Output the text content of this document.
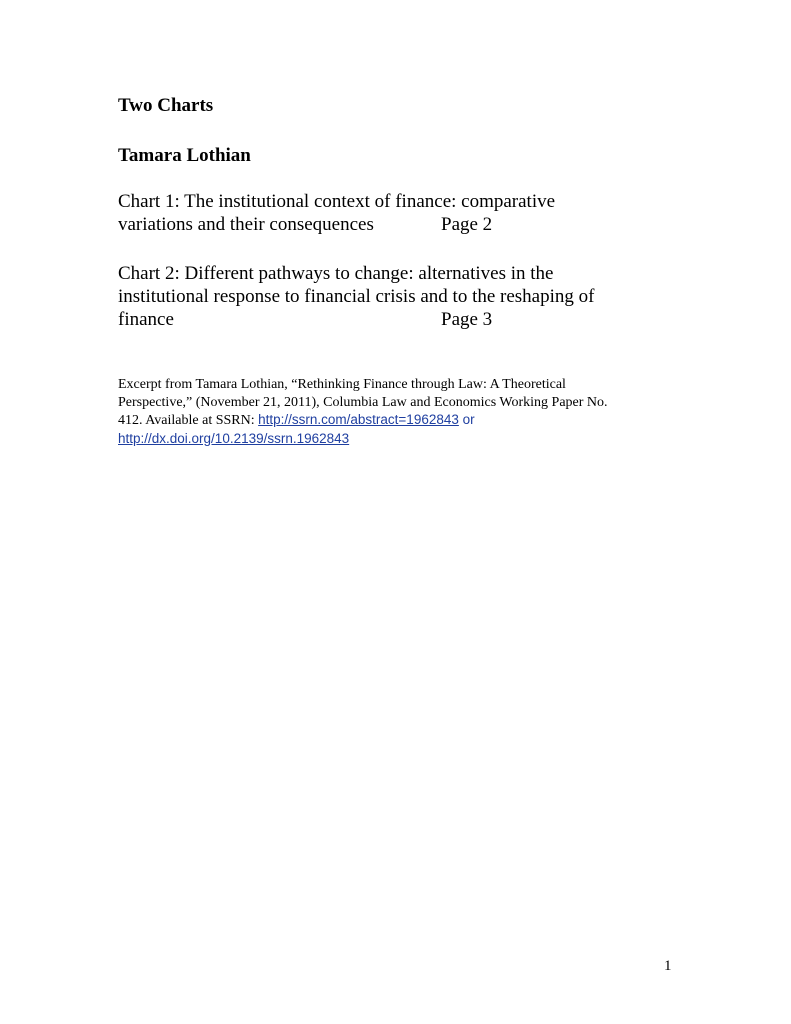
Two Charts

Tamara Lothian

Chart 1: The institutional context of finance: comparative
variations and their consequences	Page 2
Chart 2: Different pathways to change: alternatives in the
institutional response to financial crisis and to the reshaping of
finance	Page 3
Excerpt from Tamara Lothian, “Rethinking Finance through Law: A Theoretical
Perspective,” (November 21, 2011), Columbia Law and Economics Working Paper No.
412. Available at SSRN: http://ssrn.com/abstract=1962843 or
http://dx.doi.org/10.2139/ssrn.1962843

1
